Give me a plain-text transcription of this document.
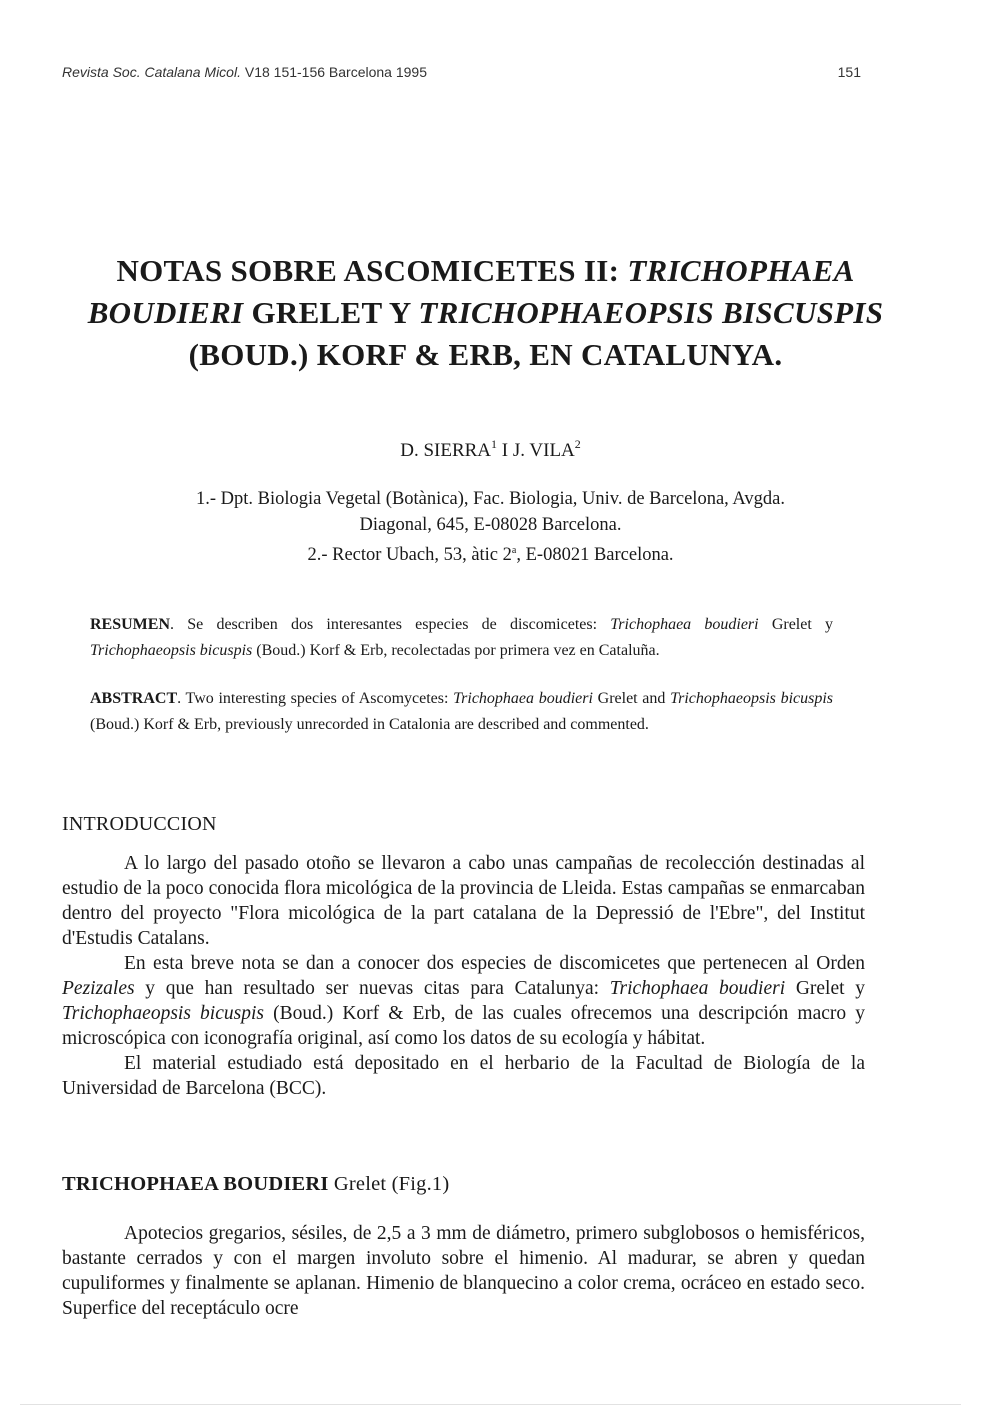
Revista Soc. Catalana Micol. V18 151-156 Barcelona 1995	151
NOTAS SOBRE ASCOMICETES II: TRICHOPHAEA BOUDIERI GRELET Y TRICHOPHAEOPSIS BISCUSPIS (BOUD.) KORF & ERB, EN CATALUNYA.
D. SIERRA$^1$ I J. VILA$^2$
1.- Dpt. Biologia Vegetal (Botànica), Fac. Biologia, Univ. de Barcelona, Avgda.
Diagonal, 645, E-08028 Barcelona.
2.- Rector Ubach, 53, àtic 2$^a$, E-08021 Barcelona.
RESUMEN. Se describen dos interesantes especies de discomicetes: Trichophaea boudieri Grelet y Trichophaeopsis bicuspis (Boud.) Korf & Erb, recolectadas por primera vez en Cataluña.
ABSTRACT. Two interesting species of Ascomycetes: Trichophaea boudieri Grelet and Trichophaeopsis bicuspis (Boud.) Korf & Erb, previously unrecorded in Catalonia are described and commented.
INTRODUCCION

A lo largo del pasado otoño se llevaron a cabo unas campañas de recolección destinadas al estudio de la poco conocida flora micológica de la provincia de Lleida. Estas campañas se enmarcaban dentro del proyecto "Flora micológica de la part catalana de la Depressió de l'Ebre", del Institut d'Estudis Catalans.

En esta breve nota se dan a conocer dos especies de discomicetes que pertenecen al Orden Pezizales y que han resultado ser nuevas citas para Catalunya: Trichophaea boudieri Grelet y Trichophaeopsis bicuspis (Boud.) Korf & Erb, de las cuales ofrecemos una descripción macro y microscópica con iconografía original, así como los datos de su ecología y hábitat.

El material estudiado está depositado en el herbario de la Facultad de Biología de la Universidad de Barcelona (BCC).

TRICHOPHAEA BOUDIERI Grelet (Fig.1)

Apotecios gregarios, sésiles, de 2,5 a 3 mm de diámetro, primero subglobosos o hemisféricos, bastante cerrados y con el margen involuto sobre el himenio. Al madurar, se abren y quedan cupuliformes y finalmente se aplanan. Himenio de blanquecino a color crema, ocráceo en estado seco. Superfice del receptáculo ocre
